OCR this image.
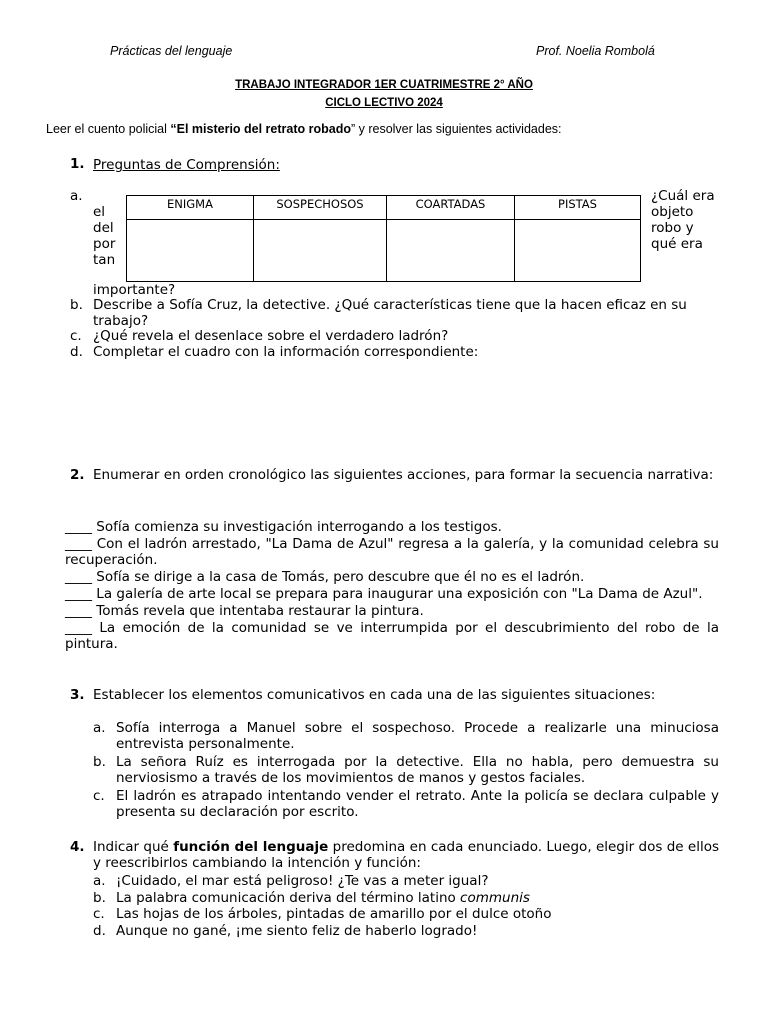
Prácticas del lenguaje	Prof. Noelia Rombolá
TRABAJO INTEGRADOR 1ER CUATRIMESTRE 2° AÑO
CICLO LECTIVO 2024
Leer el cuento policial “El misterio del retrato robado” y resolver las siguientes actividades:
1. Preguntas de Comprensión:
a.
el
del
por
tan
¿Cuál era
objeto
robo y
qué era
ENIGMA	SOSPECHOSOS	COARTADAS	PISTAS

importante?
b. Describe a Sofía Cruz, la detective. ¿Qué características tiene que la hacen eficaz en su trabajo?
c. ¿Qué revela el desenlace sobre el verdadero ladrón?
d. Completar el cuadro con la información correspondiente:
2. Enumerar en orden cronológico las siguientes acciones, para formar la secuencia narrativa:
____ Sofía comienza su investigación interrogando a los testigos.
____ Con el ladrón arrestado, "La Dama de Azul" regresa a la galería, y la comunidad celebra su recuperación.
____ Sofía se dirige a la casa de Tomás, pero descubre que él no es el ladrón.
____ La galería de arte local se prepara para inaugurar una exposición con "La Dama de Azul".
____ Tomás revela que intentaba restaurar la pintura.
____ La emoción de la comunidad se ve interrumpida por el descubrimiento del robo de la pintura.
3. Establecer los elementos comunicativos en cada una de las siguientes situaciones:
a. Sofía interroga a Manuel sobre el sospechoso. Procede a realizarle una minuciosa entrevista personalmente.
b. La señora Ruíz es interrogada por la detective. Ella no habla, pero demuestra su nerviosismo a través de los movimientos de manos y gestos faciales.
c. El ladrón es atrapado intentando vender el retrato. Ante la policía se declara culpable y presenta su declaración por escrito.
4. Indicar qué función del lenguaje predomina en cada enunciado. Luego, elegir dos de ellos y reescribirlos cambiando la intención y función:
a. ¡Cuidado, el mar está peligroso! ¿Te vas a meter igual?
b. La palabra comunicación deriva del término latino communis
c. Las hojas de los árboles, pintadas de amarillo por el dulce otoño
d. Aunque no gané, ¡me siento feliz de haberlo logrado!
